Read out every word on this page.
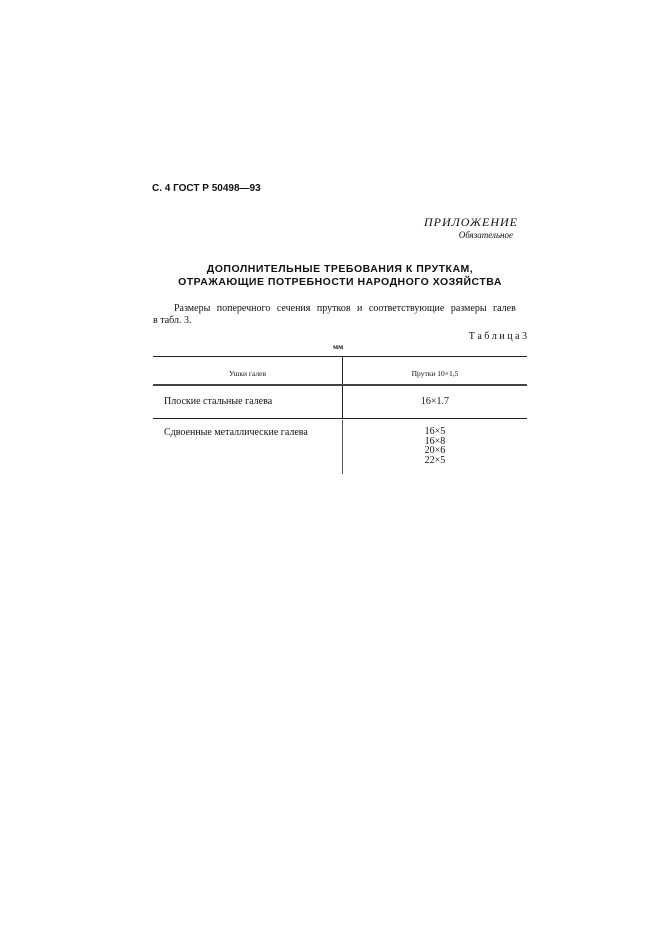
С. 4 ГОСТ Р 50498—93
ПРИЛОЖЕНИЕ
Обязательное
ДОПОЛНИТЕЛЬНЫЕ ТРЕБОВАНИЯ К ПРУТКАМ,
ОТРАЖАЮЩИЕ ПОТРЕБНОСТИ НАРОДНОГО ХОЗЯЙСТВА
Размеры поперечного сечения прутков и соответствующие размеры галев
в табл. 3.
Т а б л и ц а 3
мм
Ушки галев	Прутки 10×1,5
Плоские стальные галева	16×1.7
Сдвоенные металлические галева	16×5
16×8
20×6
22×5
